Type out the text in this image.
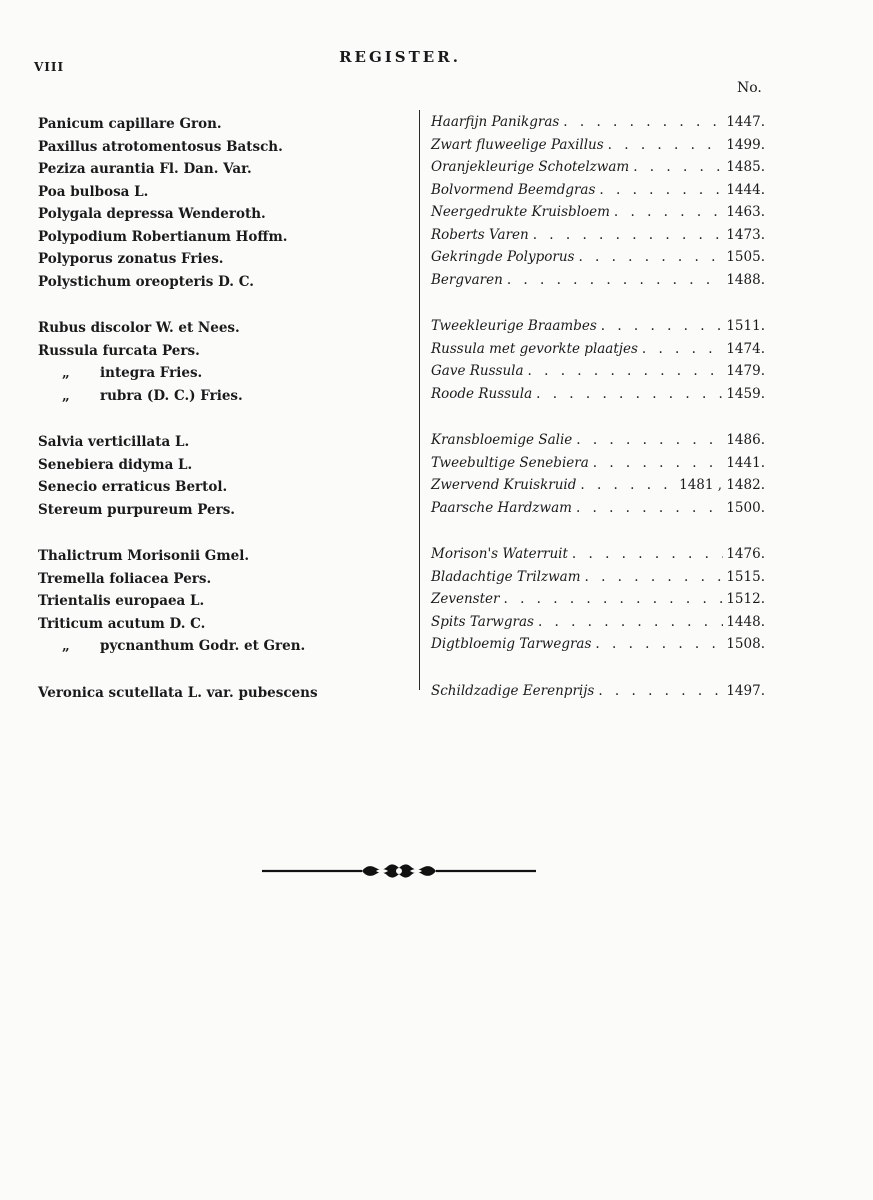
VIII
REGISTER.
No.
Panicum capillare Gron.	Haarfijn Panikgras . . .	1447.
Paxillus atrotomentosus Batsch.	Zwart fluweelige Paxillus . . .	1499.
Peziza aurantia Fl. Dan. Var.	Oranjekleurige Schotelzwam . . .	1485.
Poa bulbosa L.	Bolvormend Beemdgras . . .	1444.
Polygala depressa Wenderoth.	Neergedrukte Kruisbloem . . .	1463.
Polypodium Robertianum Hoffm.	Roberts Varen . . .	1473.
Polyporus zonatus Fries.	Gekringde Polyporus . . .	1505.
Polystichum oreopteris D. C.	Bergvaren . . .	1488.
Rubus discolor W. et Nees.	Tweekleurige Braambes . . .	1511.
Russula furcata Pers.	Russula met gevorkte plaatjes . . .	1474.
„ integra Fries.	Gave Russula . . .	1479.
„ rubra (D. C.) Fries.	Roode Russula . . .	1459.
Salvia verticillata L.	Kransbloemige Salie . . .	1486.
Senebiera didyma L.	Tweebultige Senebiera . . .	1441.
Senecio erraticus Bertol.	Zwervend Kruiskruid . . .	1481 , 1482.
Stereum purpureum Pers.	Paarsche Hardzwam . . .	1500.
Thalictrum Morisonii Gmel.	Morison's Waterruit . . .	1476.
Tremella foliacea Pers.	Bladachtige Trilzwam . . .	1515.
Trientalis europaea L.	Zevenster . . .	1512.
Triticum acutum D. C.	Spits Tarwgras . . .	1448.
„ pycnanthum Godr. et Gren.	Digtbloemig Tarwegras . . .	1508.
Veronica scutellata L. var. pubescens	Schildzadige Eerenprijs . . .	1497.
